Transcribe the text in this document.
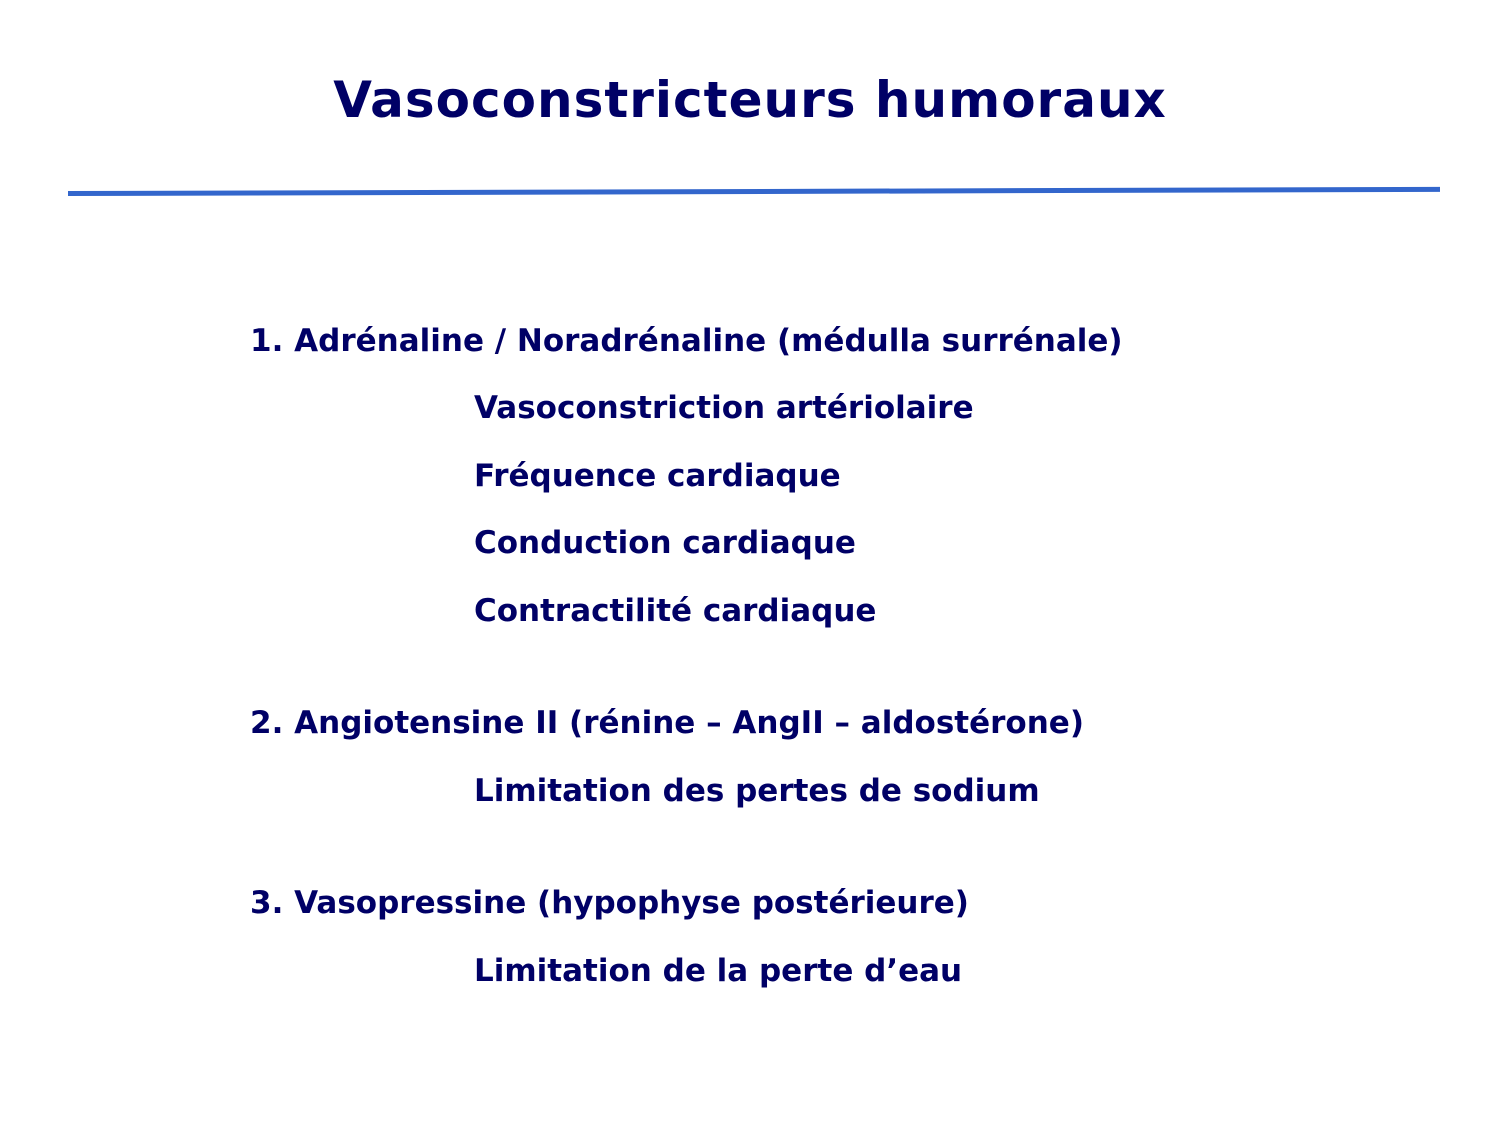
Vasoconstricteurs humoraux
1. Adrénaline / Noradrénaline (médulla surrénale)
Vasoconstriction artériolaire
Fréquence cardiaque
Conduction cardiaque
Contractilité cardiaque
2. Angiotensine II (rénine – AngII – aldostérone)
Limitation des pertes de sodium
3. Vasopressine (hypophyse postérieure)
Limitation de la perte d’eau
